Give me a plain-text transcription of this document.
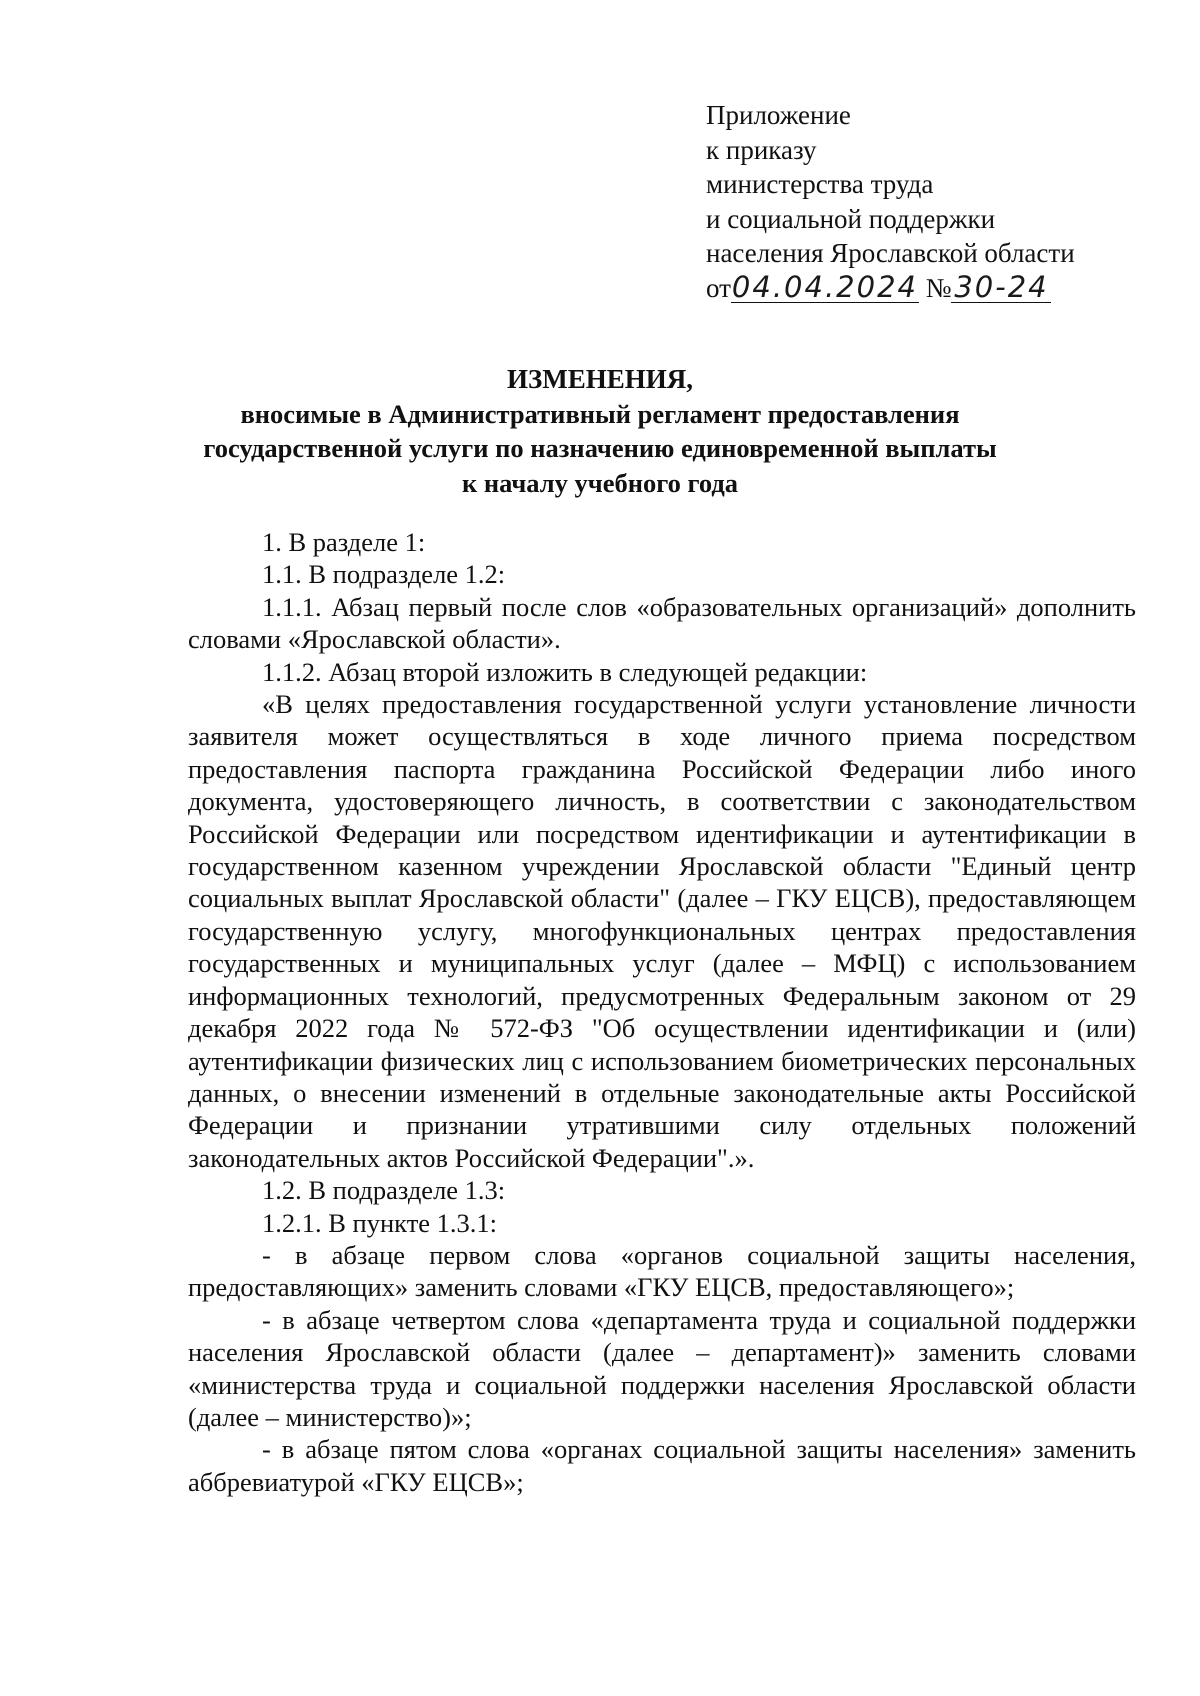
Приложение
к приказу
министерства труда
и социальной поддержки
населения Ярославской области
от04.04.2024 №30-24
ИЗМЕНЕНИЯ,
вносимые в Административный регламент предоставления
государственной услуги по назначению единовременной выплаты
к началу учебного года

1. В разделе 1:

1.1. В подразделе 1.2:

1.1.1. Абзац первый после слов «образовательных организаций» дополнить словами «Ярославской области».

1.1.2. Абзац второй изложить в следующей редакции:

«В целях предоставления государственной услуги установление личности заявителя может осуществляться в ходе личного приема посредством предоставления паспорта гражданина Российской Федерации либо иного документа, удостоверяющего личность, в соответствии с законодательством Российской Федерации или посредством идентификации и аутентификации в государственном казенном учреждении Ярославской области "Единый центр социальных выплат Ярославской области" (далее – ГКУ ЕЦСВ), предоставляющем государственную услугу, многофункциональных центрах предоставления государственных и муниципальных услуг (далее – МФЦ) с использованием информационных технологий, предусмотренных Федеральным законом от 29 декабря 2022 года № 572-ФЗ "Об осуществлении идентификации и (или) аутентификации физических лиц с использованием биометрических персональных данных, о внесении изменений в отдельные законодательные акты Российской Федерации и признании утратившими силу отдельных положений законодательных актов Российской Федерации".».

1.2. В подразделе 1.3:

1.2.1. В пункте 1.3.1:

- в абзаце первом слова «органов социальной защиты населения, предоставляющих» заменить словами «ГКУ ЕЦСВ, предоставляющего»;

- в абзаце четвертом слова «департамента труда и социальной поддержки населения Ярославской области (далее – департамент)» заменить словами «министерства труда и социальной поддержки населения Ярославской области (далее – министерство)»;

- в абзаце пятом слова «органах социальной защиты населения» заменить аббревиатурой «ГКУ ЕЦСВ»;
